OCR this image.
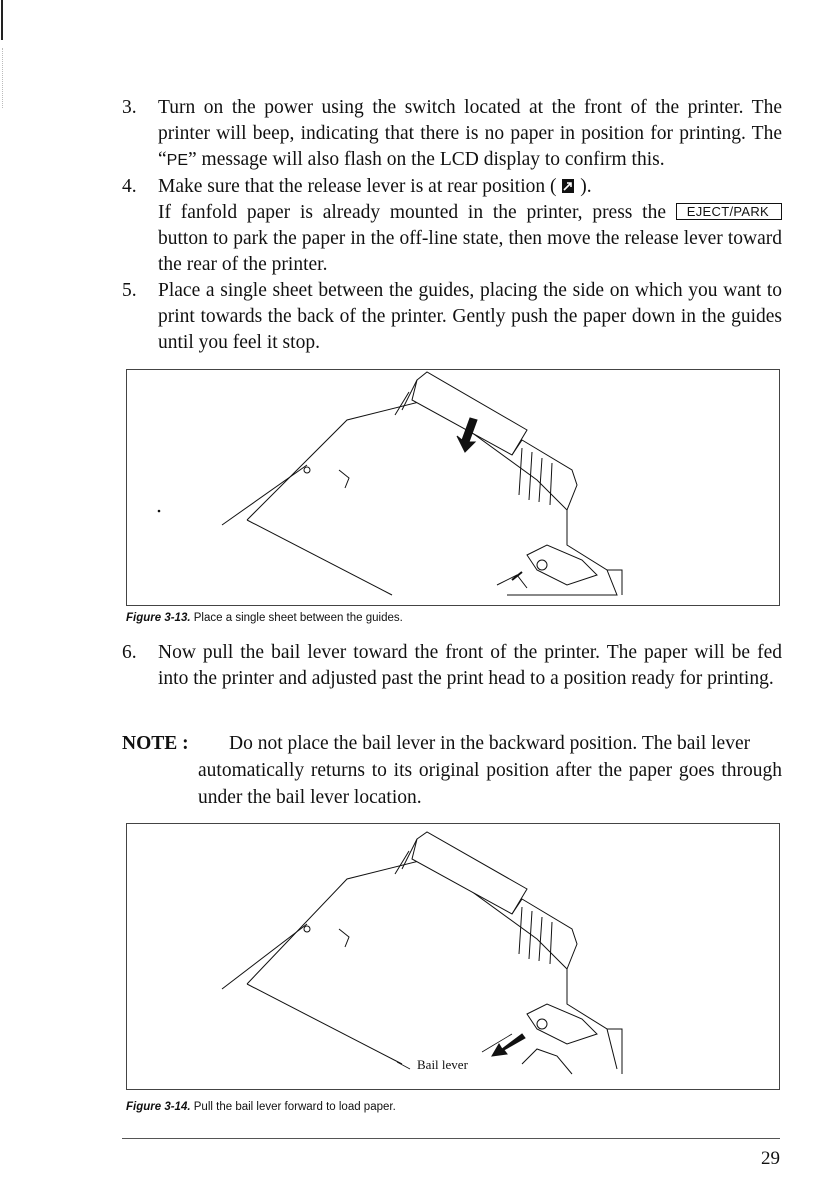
3. Turn on the power using the switch located at the front of the printer. The printer will beep, indicating that there is no paper in position for printing. The “PE” message will also flash on the LCD display to confirm this.

4. Make sure that the release lever is at rear position ( ).
If fanfold paper is already mounted in the printer, press the EJECT/PARK button to park the paper in the off-line state, then move the release lever toward the rear of the printer.

5. Place a single sheet between the guides, placing the side on which you want to print towards the back of the printer. Gently push the paper down in the guides until you feel it stop.

Figure 3-13. Place a single sheet between the guides.
6. Now pull the bail lever toward the front of the printer. The paper will be fed into the printer and adjusted past the print head to a position ready for printing.

NOTE :	Do not place the bail lever in the backward position. The bail lever

automatically returns to its original position after the paper goes through under the bail lever location.

Bail lever
Figure 3-14. Pull the bail lever forward to load paper.
29
